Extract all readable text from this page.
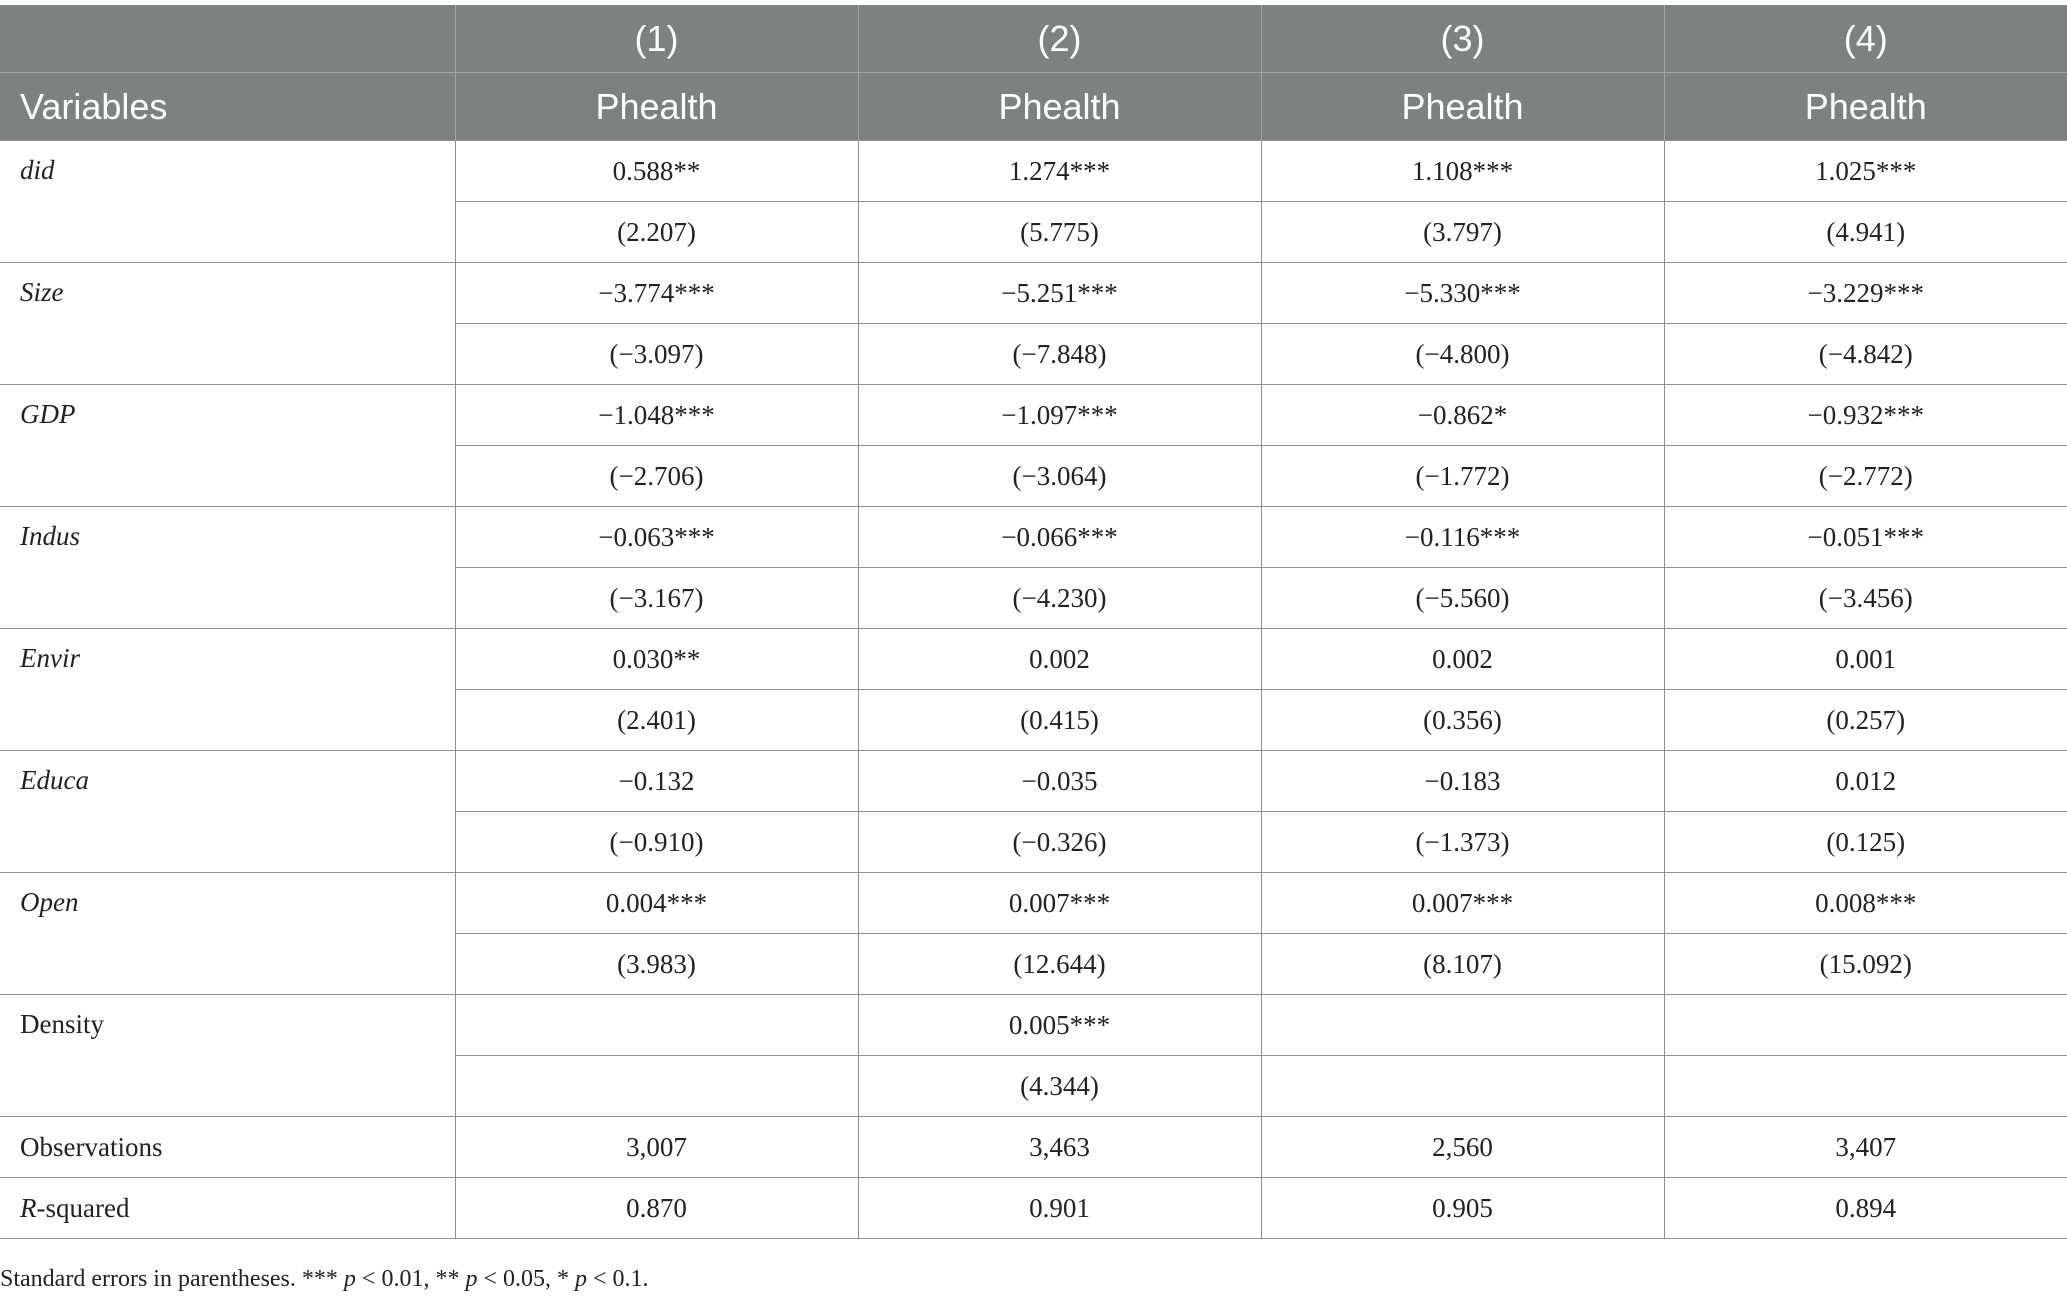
	(1)	(2)	(3)	(4)
Variables	Phealth	Phealth	Phealth	Phealth
did	0.588**	1.274***	1.108***	1.025***
	(2.207)	(5.775)	(3.797)	(4.941)
Size	−3.774***	−5.251***	−5.330***	−3.229***
	(−3.097)	(−7.848)	(−4.800)	(−4.842)
GDP	−1.048***	−1.097***	−0.862*	−0.932***
	(−2.706)	(−3.064)	(−1.772)	(−2.772)
Indus	−0.063***	−0.066***	−0.116***	−0.051***
	(−3.167)	(−4.230)	(−5.560)	(−3.456)
Envir	0.030**	0.002	0.002	0.001
	(2.401)	(0.415)	(0.356)	(0.257)
Educa	−0.132	−0.035	−0.183	0.012
	(−0.910)	(−0.326)	(−1.373)	(0.125)
Open	0.004***	0.007***	0.007***	0.008***
	(3.983)	(12.644)	(8.107)	(15.092)
Density		0.005***		
		(4.344)		
Observations	3,007	3,463	2,560	3,407
R-squared	0.870	0.901	0.905	0.894
Standard errors in parentheses. *** p < 0.01, ** p < 0.05, * p < 0.1.
